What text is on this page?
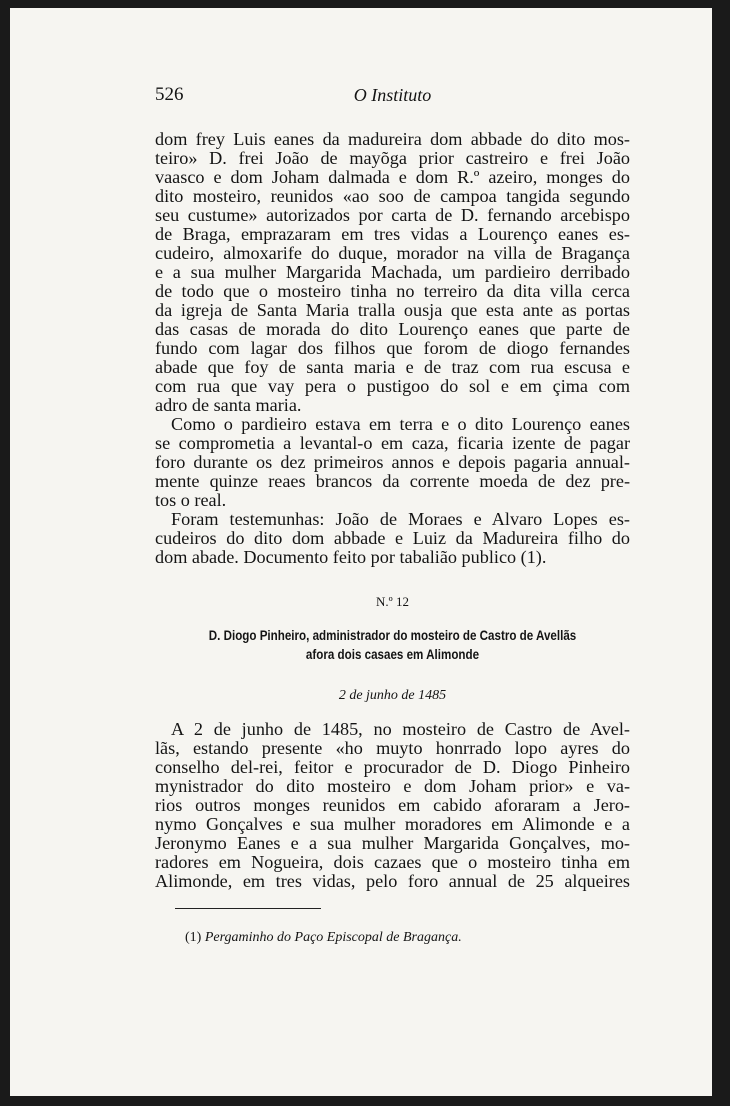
526	O Instituto
dom frey Luis eanes da madureira dom abbade do dito mos-
teiro» D. frei João de mayõga prior castreiro e frei João
vaasco e dom Joham dalmada e dom R.º azeiro, monges do
dito mosteiro, reunidos «ao soo de campoa tangida segundo
seu custume» autorizados por carta de D. fernando arcebispo
de Braga, emprazaram em tres vidas a Lourenço eanes es-
cudeiro, almoxarife do duque, morador na villa de Bragança
e a sua mulher Margarida Machada, um pardieiro derribado
de todo que o mosteiro tinha no terreiro da dita villa cerca
da igreja de Santa Maria tralla ousja que esta ante as portas
das casas de morada do dito Lourenço eanes que parte de
fundo com lagar dos filhos que forom de diogo fernandes
abade que foy de santa maria e de traz com rua escusa e
com rua que vay pera o pustigoo do sol e em çima com
adro de santa maria.
Como o pardieiro estava em terra e o dito Lourenço eanes
se comprometia a levantal-o em caza, ficaria izente de pagar
foro durante os dez primeiros annos e depois pagaria annual-
mente quinze reaes brancos da corrente moeda de dez pre-
tos o real.
Foram testemunhas: João de Moraes e Alvaro Lopes es-
cudeiros do dito dom abbade e Luiz da Madureira filho do
dom abade. Documento feito por tabalião publico (1).
N.º 12
D. Diogo Pinheiro, administrador do mosteiro de Castro de Avellãs
afora dois casaes em Alimonde
2 de junho de 1485
A 2 de junho de 1485, no mosteiro de Castro de Avel-
lãs, estando presente «ho muyto honrrado lopo ayres do
conselho del-rei, feitor e procurador de D. Diogo Pinheiro
mynistrador do dito mosteiro e dom Joham prior» e va-
rios outros monges reunidos em cabido aforaram a Jero-
nymo Gonçalves e sua mulher moradores em Alimonde e a
Jeronymo Eanes e a sua mulher Margarida Gonçalves, mo-
radores em Nogueira, dois cazaes que o mosteiro tinha em
Alimonde, em tres vidas, pelo foro annual de 25 alqueires
(1) Pergaminho do Paço Episcopal de Bragança.
